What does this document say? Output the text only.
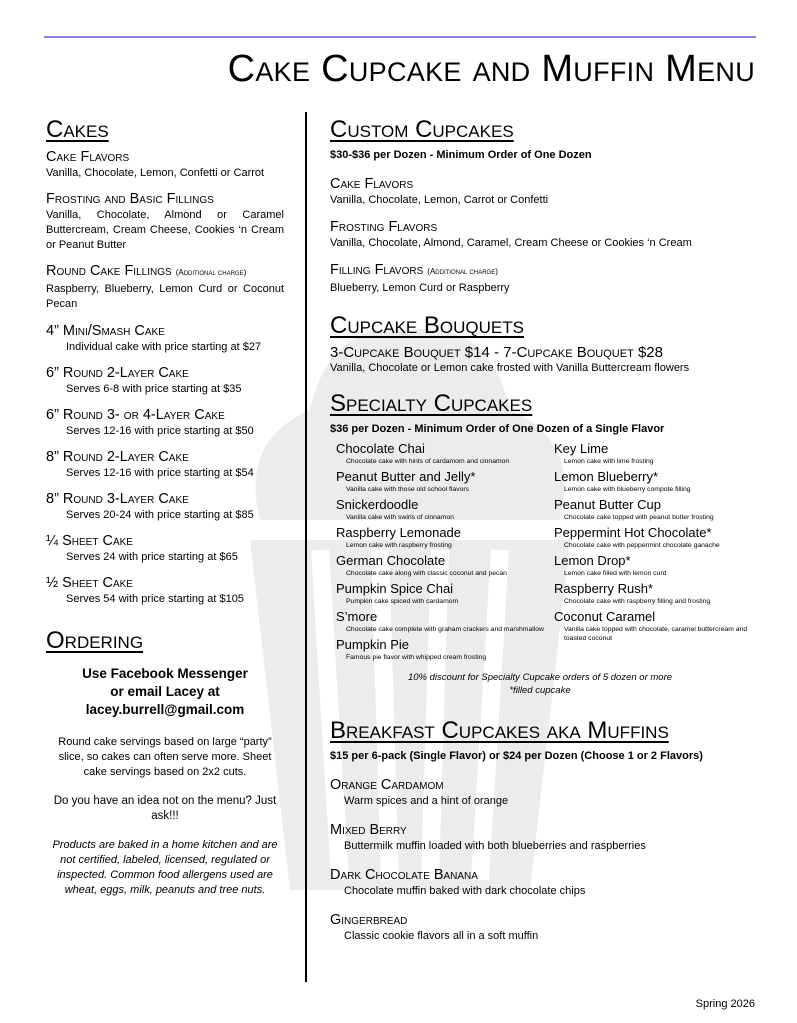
Cake Cupcake and Muffin Menu
Cakes
Cake Flavors
Vanilla, Chocolate, Lemon, Confetti or Carrot
Frosting and Basic Fillings
Vanilla, Chocolate, Almond or Caramel Buttercream, Cream Cheese, Cookies ‘n Cream or Peanut Butter
Round Cake Fillings (Additional charge)
Raspberry, Blueberry, Lemon Curd or Coconut Pecan
4” Mini/Smash Cake
Individual cake with price starting at $27
6” Round 2-Layer Cake
Serves 6-8 with price starting at $35
6” Round 3- or 4-Layer Cake
Serves 12-16 with price starting at $50
8” Round 2-Layer Cake
Serves 12-16 with price starting at $54
8” Round 3-Layer Cake
Serves 20-24 with price starting at $85
¼ Sheet Cake
Serves 24 with price starting at $65
½ Sheet Cake
Serves 54 with price starting at $105
Ordering
Use Facebook Messenger
or email Lacey at
lacey.burrell@gmail.com
Round cake servings based on large “party” slice, so cakes can often serve more. Sheet cake servings based on 2x2 cuts.
Do you have an idea not on the menu? Just ask!!!
Products are baked in a home kitchen and are not certified, labeled, licensed, regulated or inspected. Common food allergens used are wheat, eggs, milk, peanuts and tree nuts.
Custom Cupcakes
$30-$36 per Dozen - Minimum Order of One Dozen
Cake Flavors
Vanilla, Chocolate, Lemon, Carrot or Confetti
Frosting Flavors
Vanilla, Chocolate, Almond, Caramel, Cream Cheese or Cookies ‘n Cream
Filling Flavors (Additional charge)
Blueberry, Lemon Curd or Raspberry
Cupcake Bouquets
3-Cupcake Bouquet $14 - 7-Cupcake Bouquet $28
Vanilla, Chocolate or Lemon cake frosted with Vanilla Buttercream flowers
Specialty Cupcakes
$36 per Dozen - Minimum Order of One Dozen of a Single Flavor
Chocolate Chai
Chocolate cake with hints of cardamom and cinnamon
Peanut Butter and Jelly*
Vanilla cake with those old school flavors
Snickerdoodle
Vanilla cake with swirls of cinnamon
Raspberry Lemonade
Lemon cake with raspberry frosting
German Chocolate
Chocolate cake along with classic coconut and pecan
Pumpkin Spice Chai
Pumpkin cake spiced with cardamom
S’more
Chocolate cake complete with graham crackers and marshmallow
Pumpkin Pie
Famous pie flavor with whipped cream frosting
Key Lime
Lemon cake with lime frosting
Lemon Blueberry*
Lemon cake with blueberry compote filling
Peanut Butter Cup
Chocolate cake topped with peanut butter frosting
Peppermint Hot Chocolate*
Chocolate cake with peppermint chocolate ganache
Lemon Drop*
Lemon cake filled with lemon curd
Raspberry Rush*
Chocolate cake with raspberry filling and frosting
Coconut Caramel
Vanilla cake topped with chocolate, caramel buttercream and toasted coconut
10% discount for Specialty Cupcake orders of 5 dozen or more
*filled cupcake
Breakfast Cupcakes aka Muffins
$15 per 6-pack (Single Flavor) or $24 per Dozen (Choose 1 or 2 Flavors)
Orange Cardamom
Warm spices and a hint of orange
Mixed Berry
Buttermilk muffin loaded with both blueberries and raspberries
Dark Chocolate Banana
Chocolate muffin baked with dark chocolate chips
Gingerbread
Classic cookie flavors all in a soft muffin
Spring 2026
